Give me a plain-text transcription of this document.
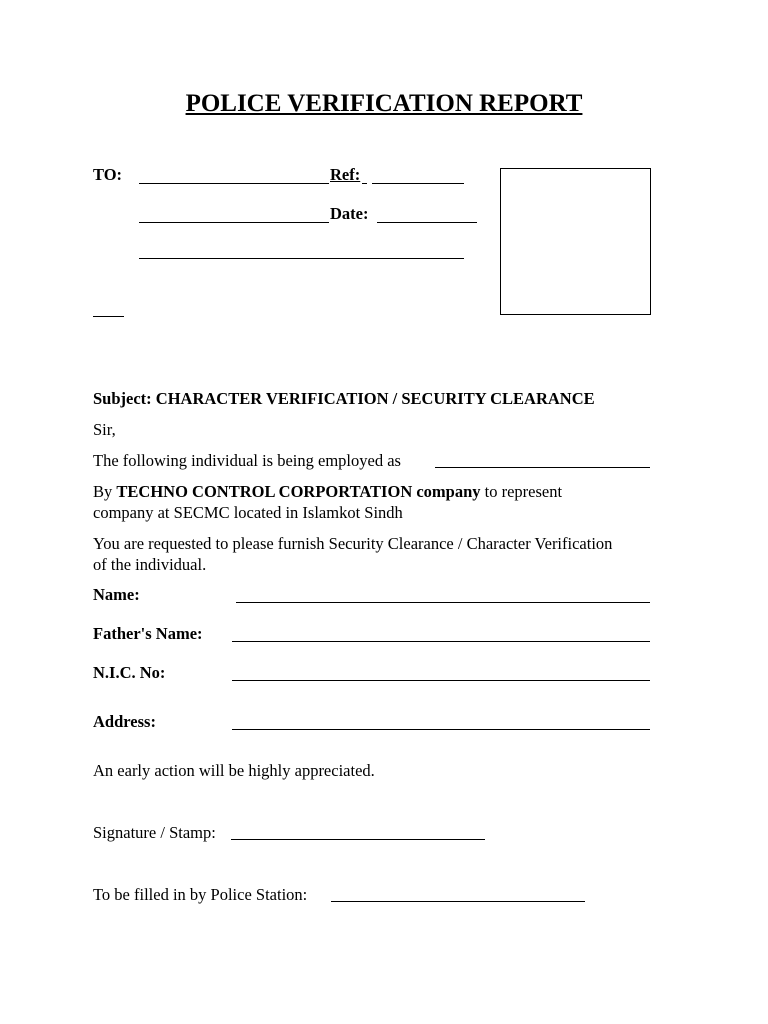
POLICE VERIFICATION REPORT
TO:	Ref:
Date:
Subject: CHARACTER VERIFICATION / SECURITY CLEARANCE
Sir,
The following individual is being employed as
By TECHNO CONTROL CORPORTATION company to represent
company at SECMC located in Islamkot Sindh
You are requested to please furnish Security Clearance / Character Verification
of the individual.
Name:
Father's Name:
N.I.C. No:
Address:
An early action will be highly appreciated.
Signature / Stamp:
To be filled in by Police Station:
